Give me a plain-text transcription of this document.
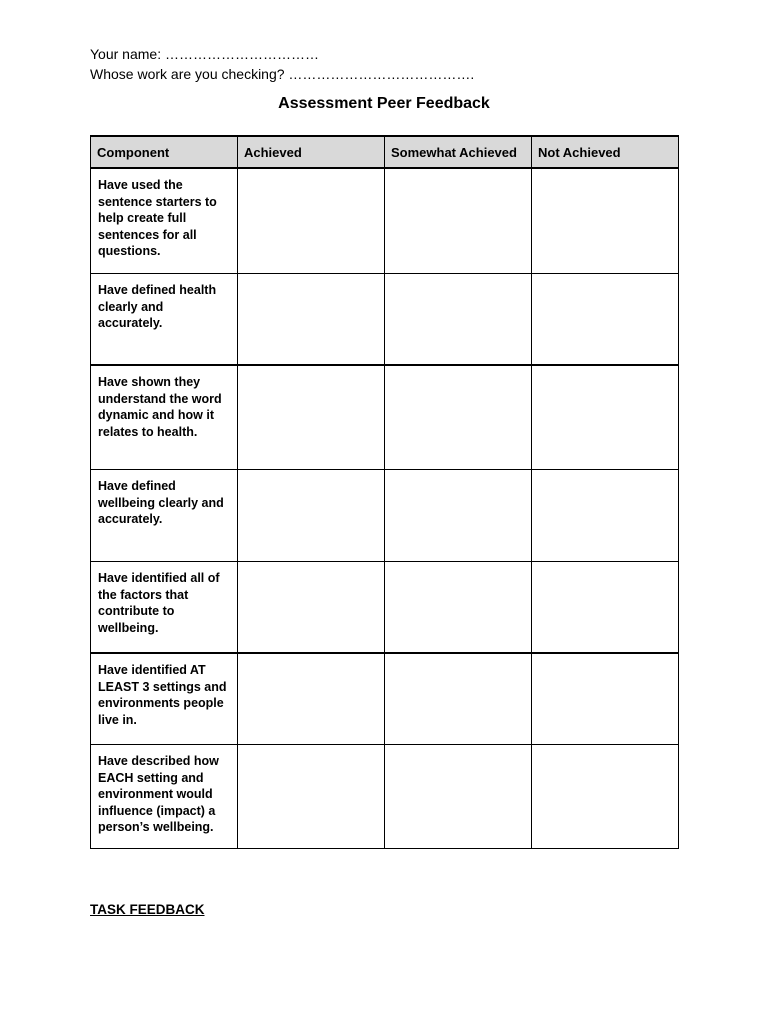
Your name: ……………………………
Whose work are you checking? ………………………………….
Assessment Peer Feedback
Component	Achieved	Somewhat Achieved	Not Achieved
Have used the sentence starters to help create full sentences for all questions.			
Have defined health clearly and accurately.			
Have shown they understand the word dynamic and how it relates to health.			
Have defined wellbeing clearly and accurately.			
Have identified all of the factors that contribute to wellbeing.			
Have identified AT LEAST 3 settings and environments people live in.			
Have described how EACH setting and environment would influence (impact) a person’s wellbeing.			
TASK FEEDBACK
